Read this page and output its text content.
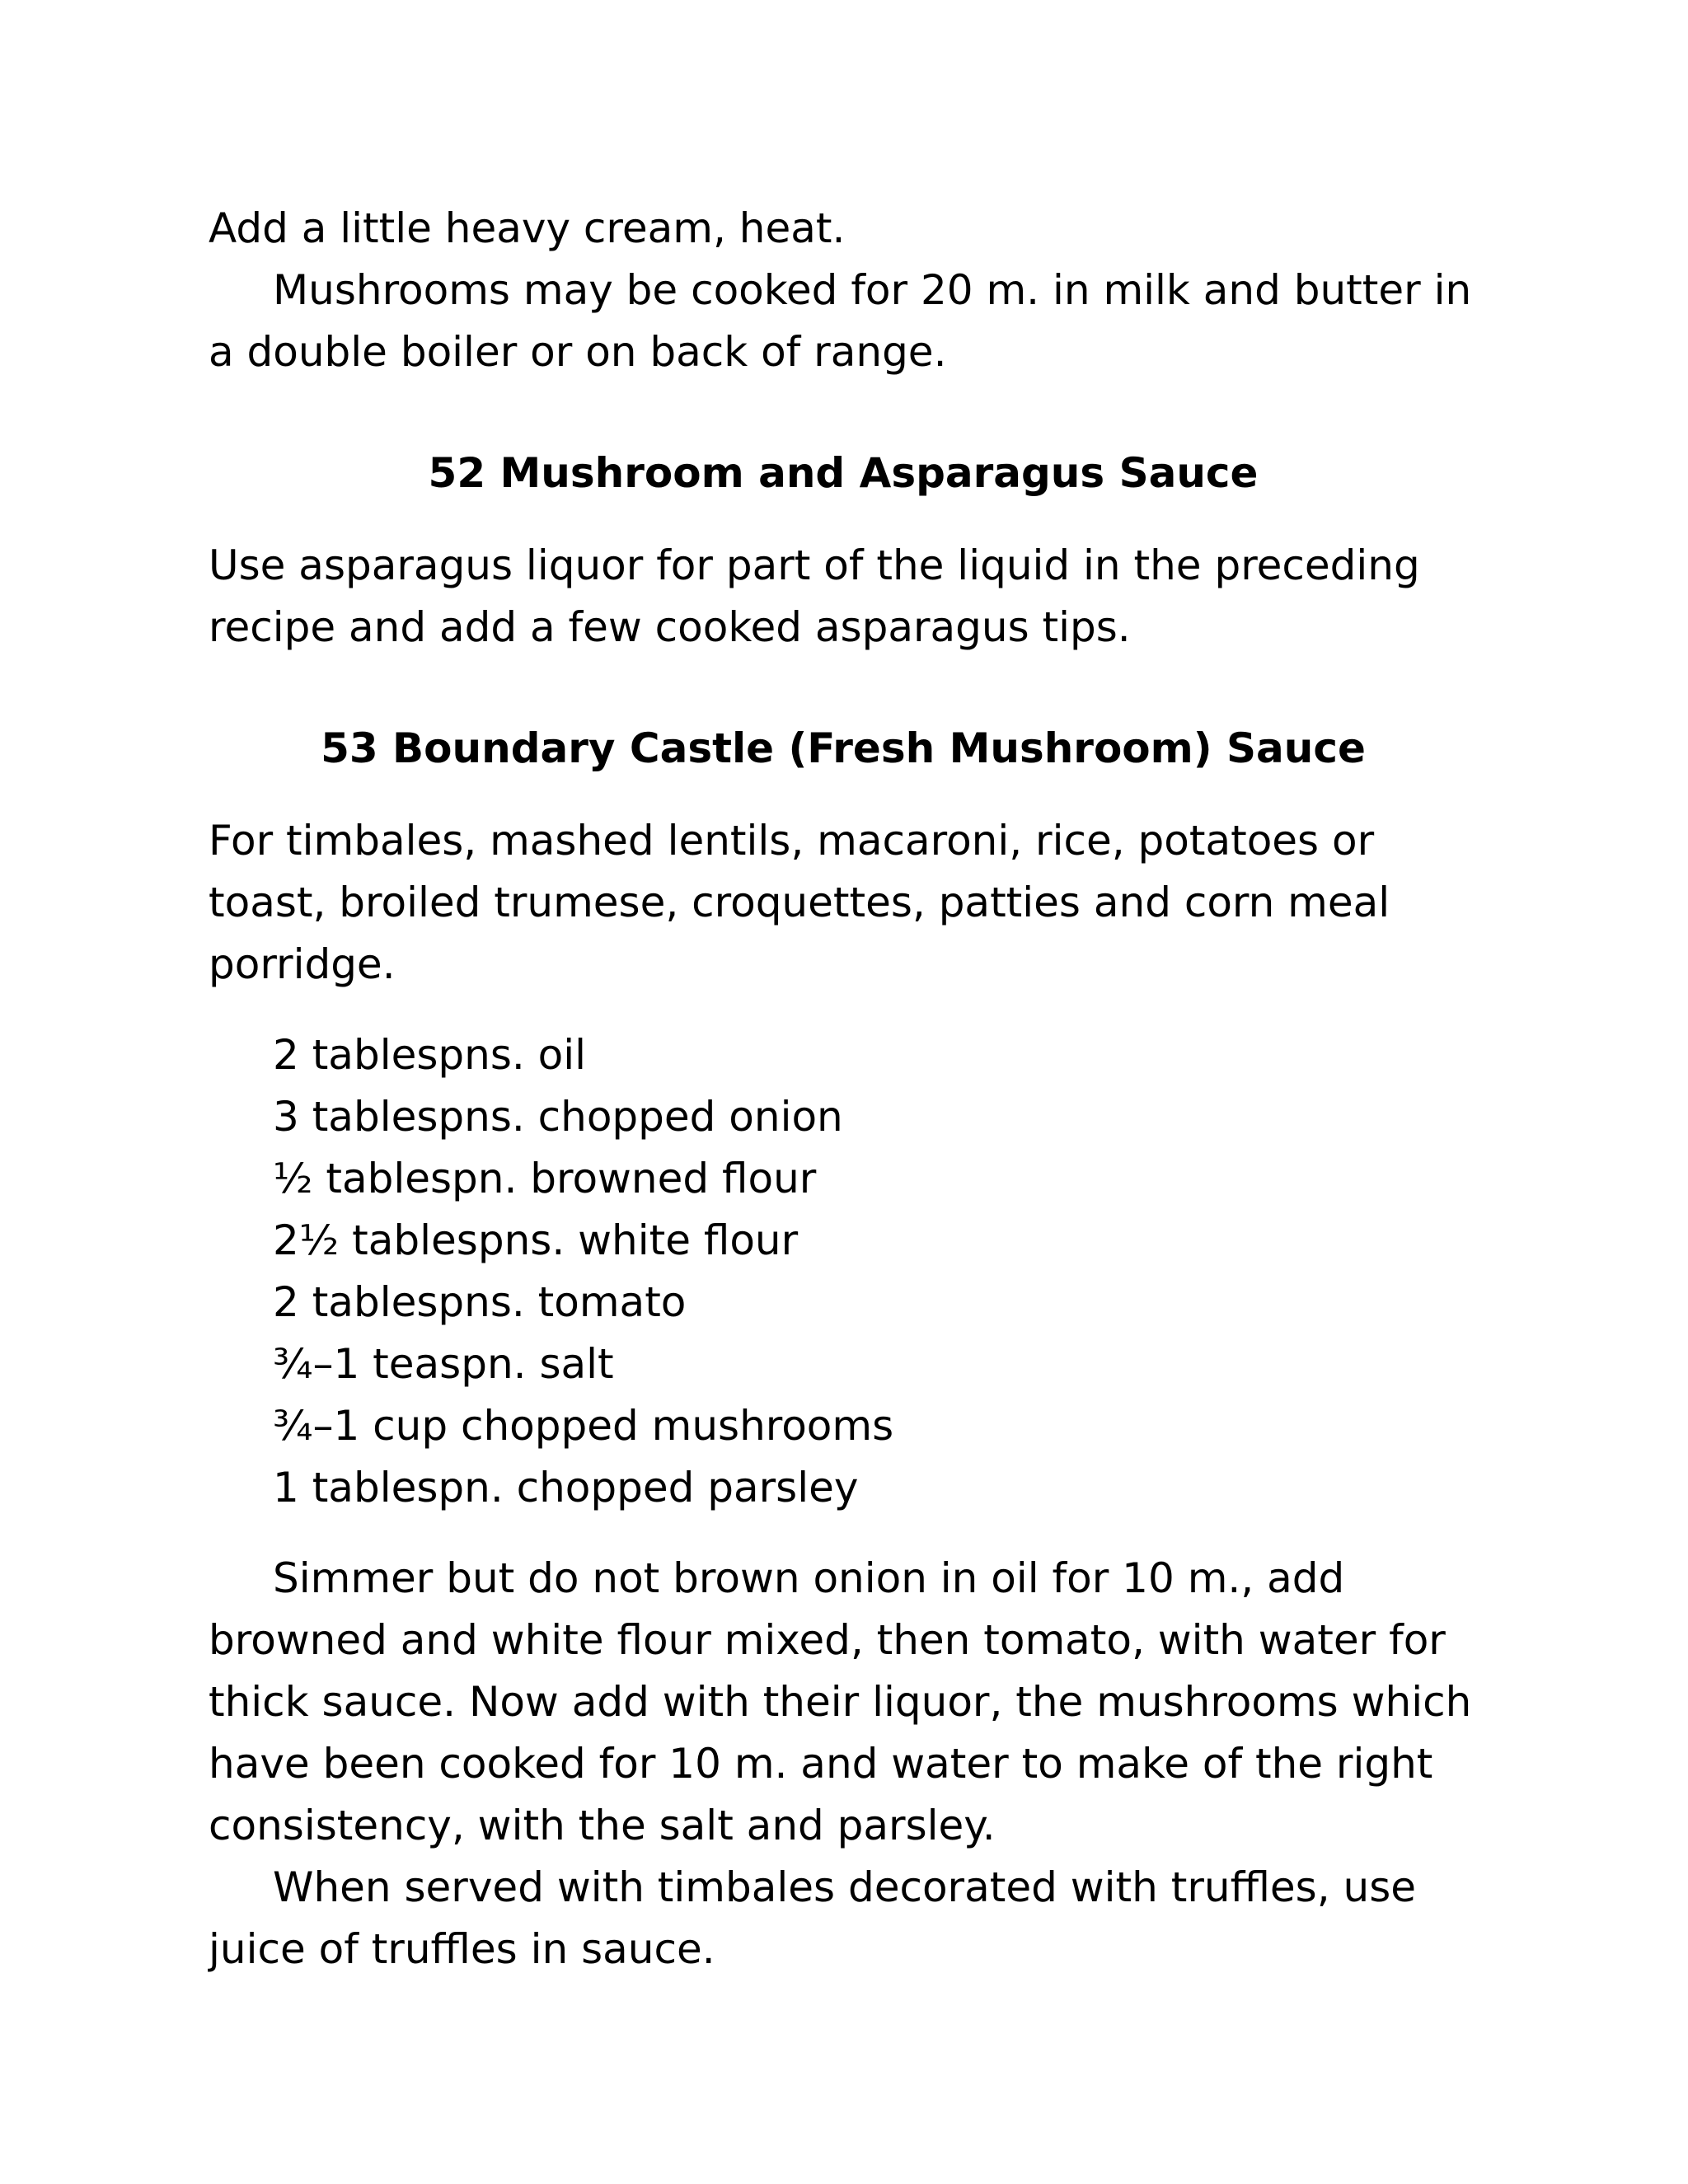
Add a little heavy cream, heat.

Mushrooms may be cooked for 20 m. in milk and butter in a double boiler or on back of range.

52 Mushroom and Asparagus Sauce

Use asparagus liquor for part of the liquid in the preceding recipe and add a few cooked asparagus tips.

53 Boundary Castle (Fresh Mushroom) Sauce

For timbales, mashed lentils, macaroni, rice, potatoes or toast, broiled trumese, croquettes, patties and corn meal porridge.

2 tablespns. oil
3 tablespns. chopped onion
½ tablespn. browned flour
2½ tablespns. white flour
2 tablespns. tomato
¾–1 teaspn. salt
¾–1 cup chopped mushrooms
1 tablespn. chopped parsley

Simmer but do not brown onion in oil for 10 m., add browned and white flour mixed, then tomato, with water for thick sauce. Now add with their liquor, the mushrooms which have been cooked for 10 m. and water to make of the right consistency, with the salt and parsley.

When served with timbales decorated with truffles, use juice of truffles in sauce.
